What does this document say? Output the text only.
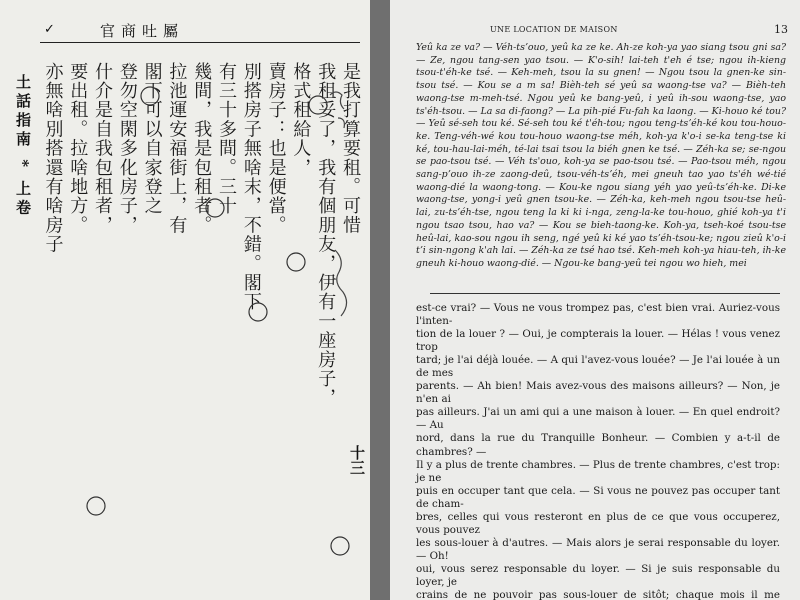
✓	官商吐屬
土話指南 * 上卷	是我打算要租。可惜

我租妥了，我有個朋友，伊有一座房子，

格式租給人，

賣房子：也是便當。

別搭房子無啥末，不錯。閣下

有三十多間。三十

幾間，我是包租者。

拉池運安福街上，有

閣下可以自家登之

登勿空閑多化房子，

什介是自我包租者，

要出租。拉啥地方。

亦無啥別搭還有啥房子

十三
UNE LOCATION DE MAISON	13
Yeû ka ze va? — Véh-tsʼouo, yeû ka ze ke. Ah-ze koh-ya yao siang tsou gni sa? — Ze, ngou tang-sen yao tsou. — K'o-sih! lai-teh t'eh é tse; ngou ih-kieng tsou-t'éh-ke tsé. — Keh-meh, tsou la su gnen! — Ngou tsou la gnen-ke sin-tsou tsé. — Kou se a m sa! Bièh-teh sé yeû sa waong-tse va? — Bièh-teh waong-tse m-meh-tsé. Ngou yeû ke bang-yeû, i yeû ih-sou waong-tse, yao ts'éh-tsou. — La sa di-faong? — La pih-pié Fu-fah ka laong. — Ki-houo ké tou? — Yeû sé-seh tou ké. Sé-seh tou ké t'éh-tou; ngou teng-tsʼéh-ké kou tou-houo-ke. Teng-véh-wé kou tou-houo waong-tse méh, koh-ya k'o-i se-ka teng-tse ki ké, tou-hau-lai-méh, té-lai tsai tsou la biéh gnen ke tsé. — Zéh-ka se; se-ngou se pao-tsou tsé. — Véh ts'ouo, koh-ya se pao-tsou tsé. — Pao-tsou méh, ngou sang-pʼouo ih-ze zaong-deû, tsou-véh-tsʼéh, mei gneuh tao yao ts'éh wé-tié waong-dié la waong-tong. — Kou-ke ngou siang yéh yao yeû-tsʼéh-ke. Di-ke waong-tse, yong-i yeû gnen tsou-ke. — Zéh-ka, keh-meh ngou tsou-tse heû-lai, zu-tsʼéh-tse, ngou teng la ki ki i-nga, zeng-la-ke tou-houo, ghié koh-ya t'i ngou tsao tsou, hao va? — Kou se bieh-taong-ke. Koh-ya, tseh-koé tsou-tse heû-lai, kao-sou ngou ih seng, ngé yeû ki ké yao tsʼéh-tsou-ke; ngou zieû k'o-i tʼi sin-ngong k'ah lai. — Zéh-ka ze tsé hao tsé. Keh-meh koh-ya hiau-teh, ih-ke gneuh ki-houo waong-dié. — Ngou-ke bang-yeû tei ngou wo hieh, mei
est-ce vrai? — Vous ne vous trompez pas, c'est bien vrai. Auriez-vous l'inten-
tion de la louer ? — Oui, je compterais la louer. — Hélas ! vous venez trop
tard; je l'ai déjà louée. — A qui l'avez-vous louée? — Je l'ai louée à un de mes
parents. — Ah bien! Mais avez-vous des maisons ailleurs? — Non, je n'en ai
pas ailleurs. J'ai un ami qui a une maison à louer. — En quel endroit? — Au
nord, dans la rue du Tranquille Bonheur. — Combien y a-t-il de chambres? —
Il y a plus de trente chambres. — Plus de trente chambres, c'est trop: je ne
puis en occuper tant que cela. — Si vous ne pouvez pas occuper tant de cham-
bres, celles qui vous resteront en plus de ce que vous occuperez, vous pouvez
les sous-louer à d'autres. — Mais alors je serai responsable du loyer. — Oh!
oui, vous serez responsable du loyer. — Si je suis responsable du loyer, je
crains de ne pouvoir pas sous-louer de sitôt; chaque mois il me
